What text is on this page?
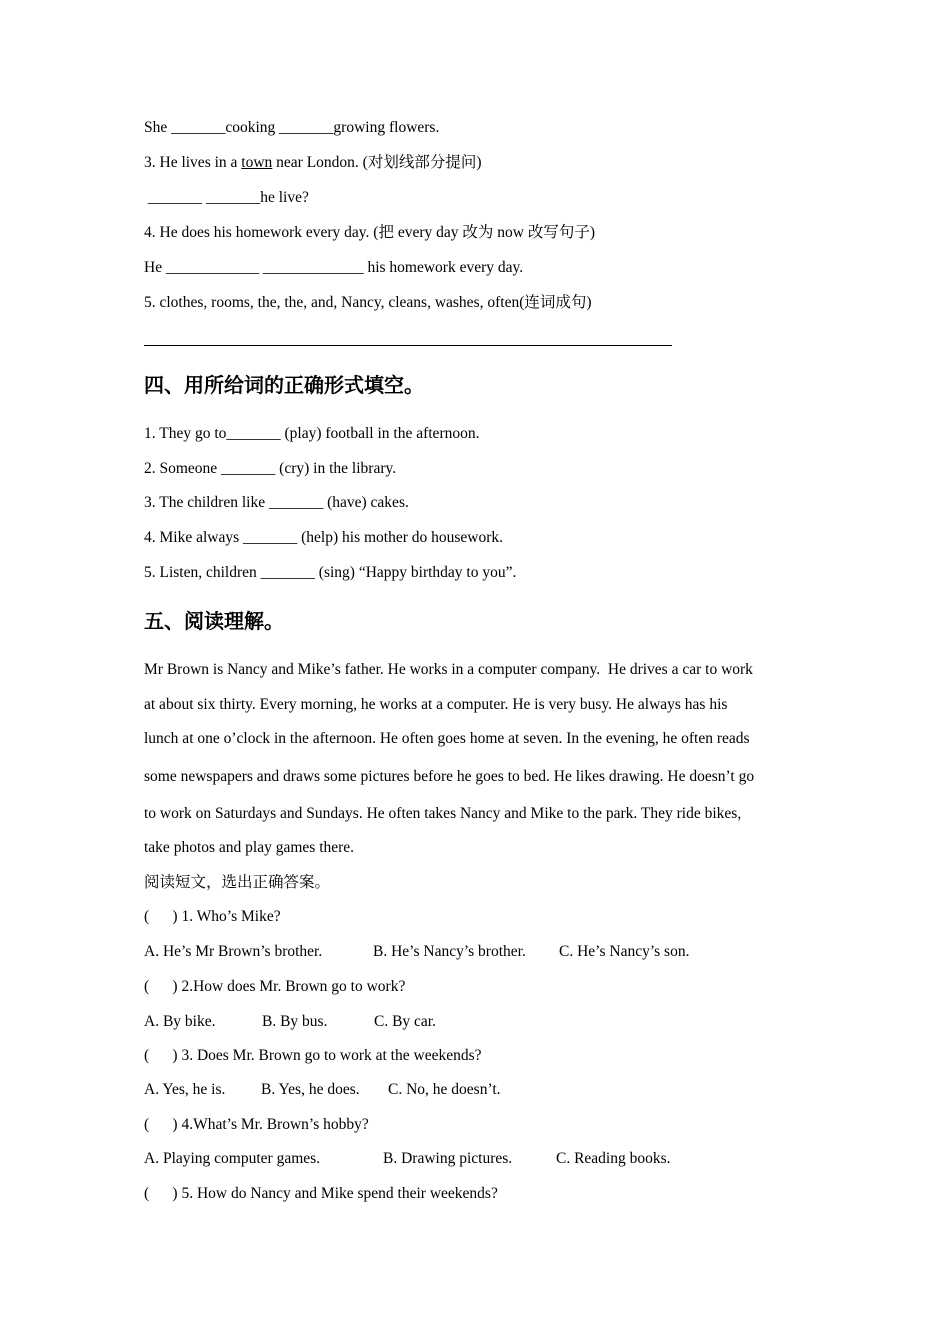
She _______cooking _______growing flowers.
3. He lives in a town near London. (对划线部分提问)
_______ _______he live?
4. He does his homework every day. (把 every day 改为 now 改写句子)
He ____________ _____________ his homework every day.
5. clothes, rooms, the, the, and, Nancy, cleans, washes, often(连词成句)
四、用所给词的正确形式填空。
1. They go to_______ (play) football in the afternoon.
2. Someone _______ (cry) in the library.
3. The children like _______ (have) cakes.
4. Mike always _______ (help) his mother do housework.
5. Listen, children _______ (sing) “Happy birthday to you”.
五、阅读理解。
Mr Brown is Nancy and Mike’s father. He works in a computer company.  He drives a car to work
at about six thirty. Every morning, he works at a computer. He is very busy. He always has his
lunch at one o’clock in the afternoon. He often goes home at seven. In the evening, he often reads
some newspapers and draws some pictures before he goes to bed. He likes drawing. He doesn’t go
to work on Saturdays and Sundays. He often takes Nancy and Mike to the park. They ride bikes,
take photos and play games there.
阅读短文，选出正确答案。
(      ) 1. Who’s Mike?
A. He’s Mr Brown’s brother.	B. He’s Nancy’s brother. C. He’s Nancy’s son.
(      ) 2.How does Mr. Brown go to work?
A. By bike.	B. By bus.	C. By car.
(      ) 3. Does Mr. Brown go to work at the weekends?
A. Yes, he is. B. Yes, he does. C. No, he doesn’t.
(      ) 4.What’s Mr. Brown’s hobby?
A. Playing computer games.	B. Drawing pictures.	C. Reading books.
(      ) 5. How do Nancy and Mike spend their weekends?
